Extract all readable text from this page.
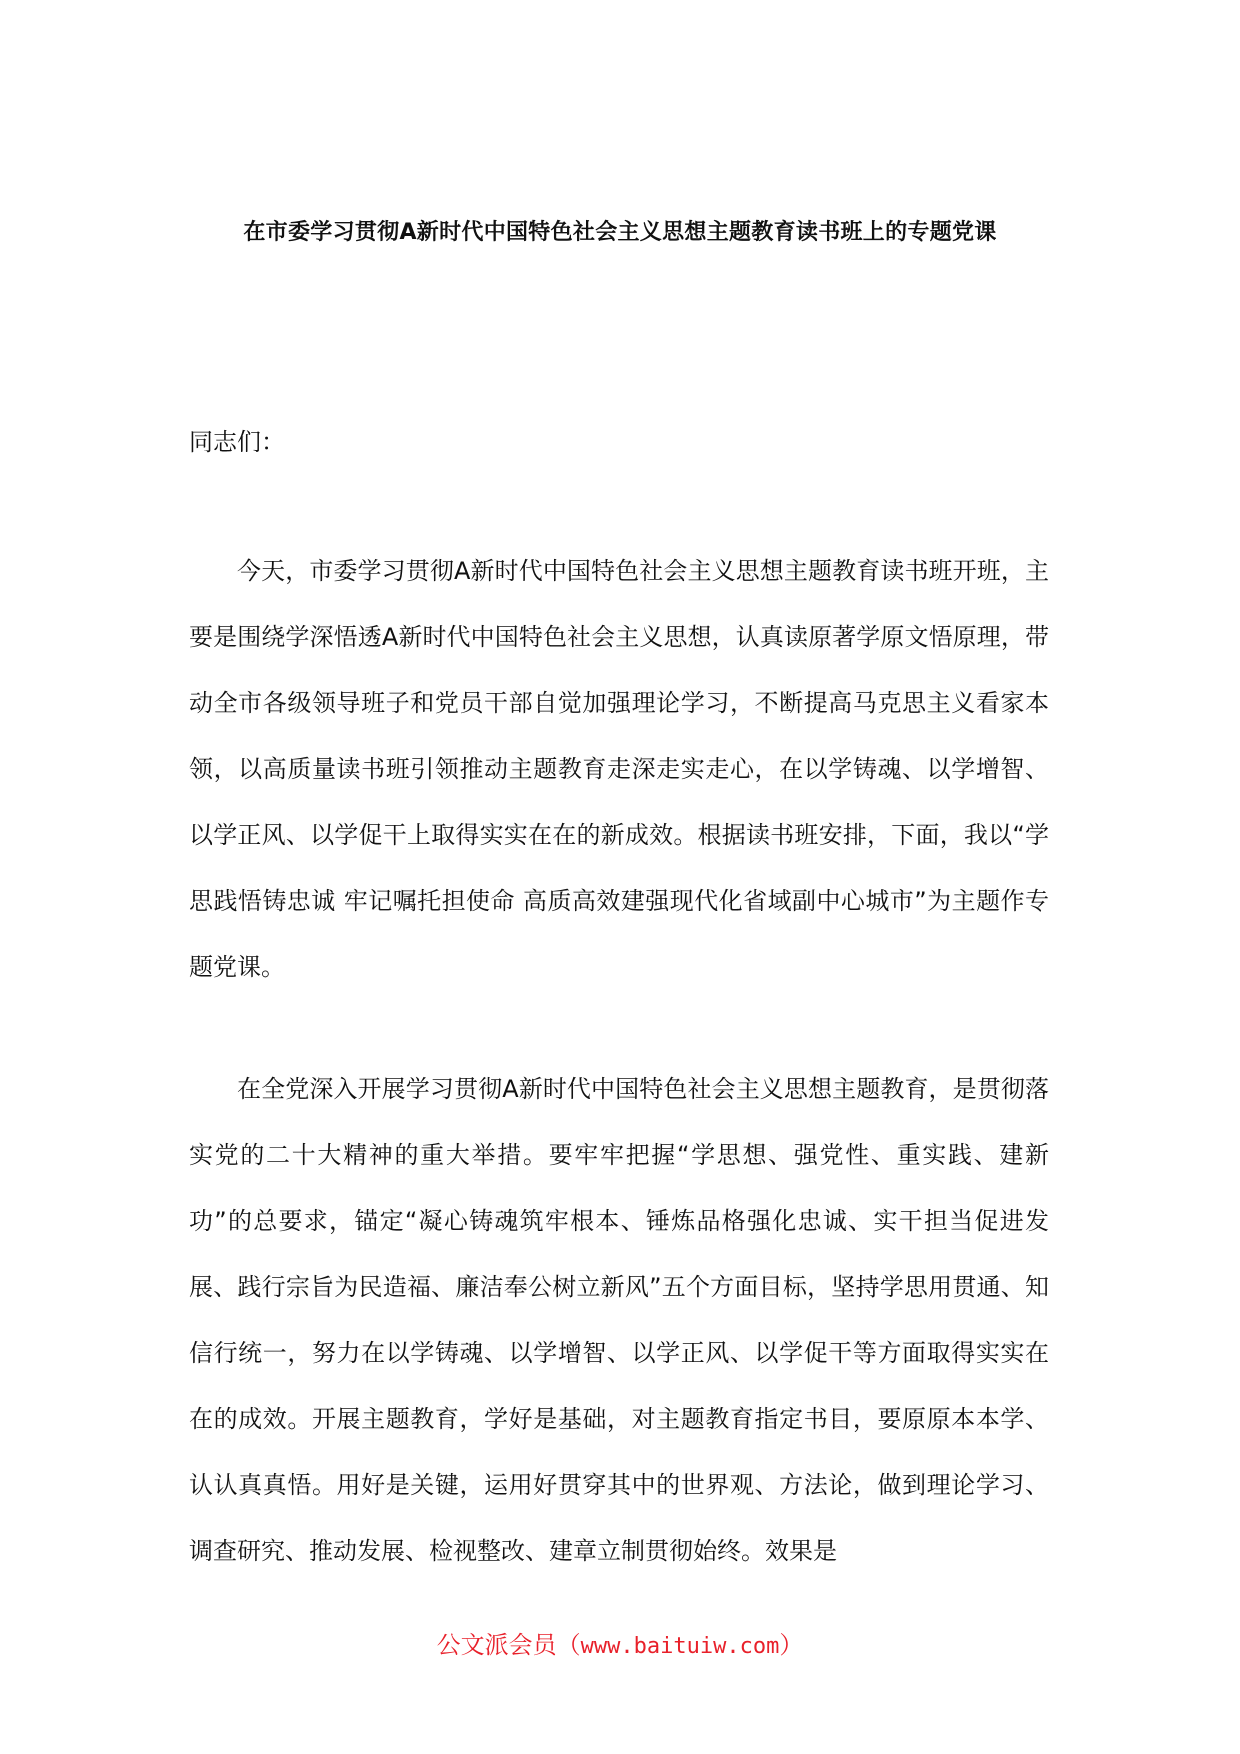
在市委学习贯彻A新时代中国特色社会主义思想主题教育读书班上的专题党课

同志们：

今天，市委学习贯彻A新时代中国特色社会主义思想主题教育读书班开班，主要是围绕学深悟透A新时代中国特色社会主义思想，认真读原著学原文悟原理，带动全市各级领导班子和党员干部自觉加强理论学习，不断提高马克思主义看家本领，以高质量读书班引领推动主题教育走深走实走心，在以学铸魂、以学增智、以学正风、以学促干上取得实实在在的新成效。根据读书班安排，下面，我以“学思践悟铸忠诚 牢记嘱托担使命 高质高效建强现代化省域副中心城市”为主题作专题党课。

在全党深入开展学习贯彻A新时代中国特色社会主义思想主题教育，是贯彻落实党的二十大精神的重大举措。要牢牢把握“学思想、强党性、重实践、建新功”的总要求，锚定“凝心铸魂筑牢根本、锤炼品格强化忠诚、实干担当促进发展、践行宗旨为民造福、廉洁奉公树立新风”五个方面目标，坚持学思用贯通、知信行统一，努力在以学铸魂、以学增智、以学正风、以学促干等方面取得实实在在的成效。开展主题教育，学好是基础，对主题教育指定书目，要原原本本学、认认真真悟。用好是关键，运用好贯穿其中的世界观、方法论，做到理论学习、调查研究、推动发展、检视整改、建章立制贯彻始终。效果是

公文派会员（www.baituiw.com）
